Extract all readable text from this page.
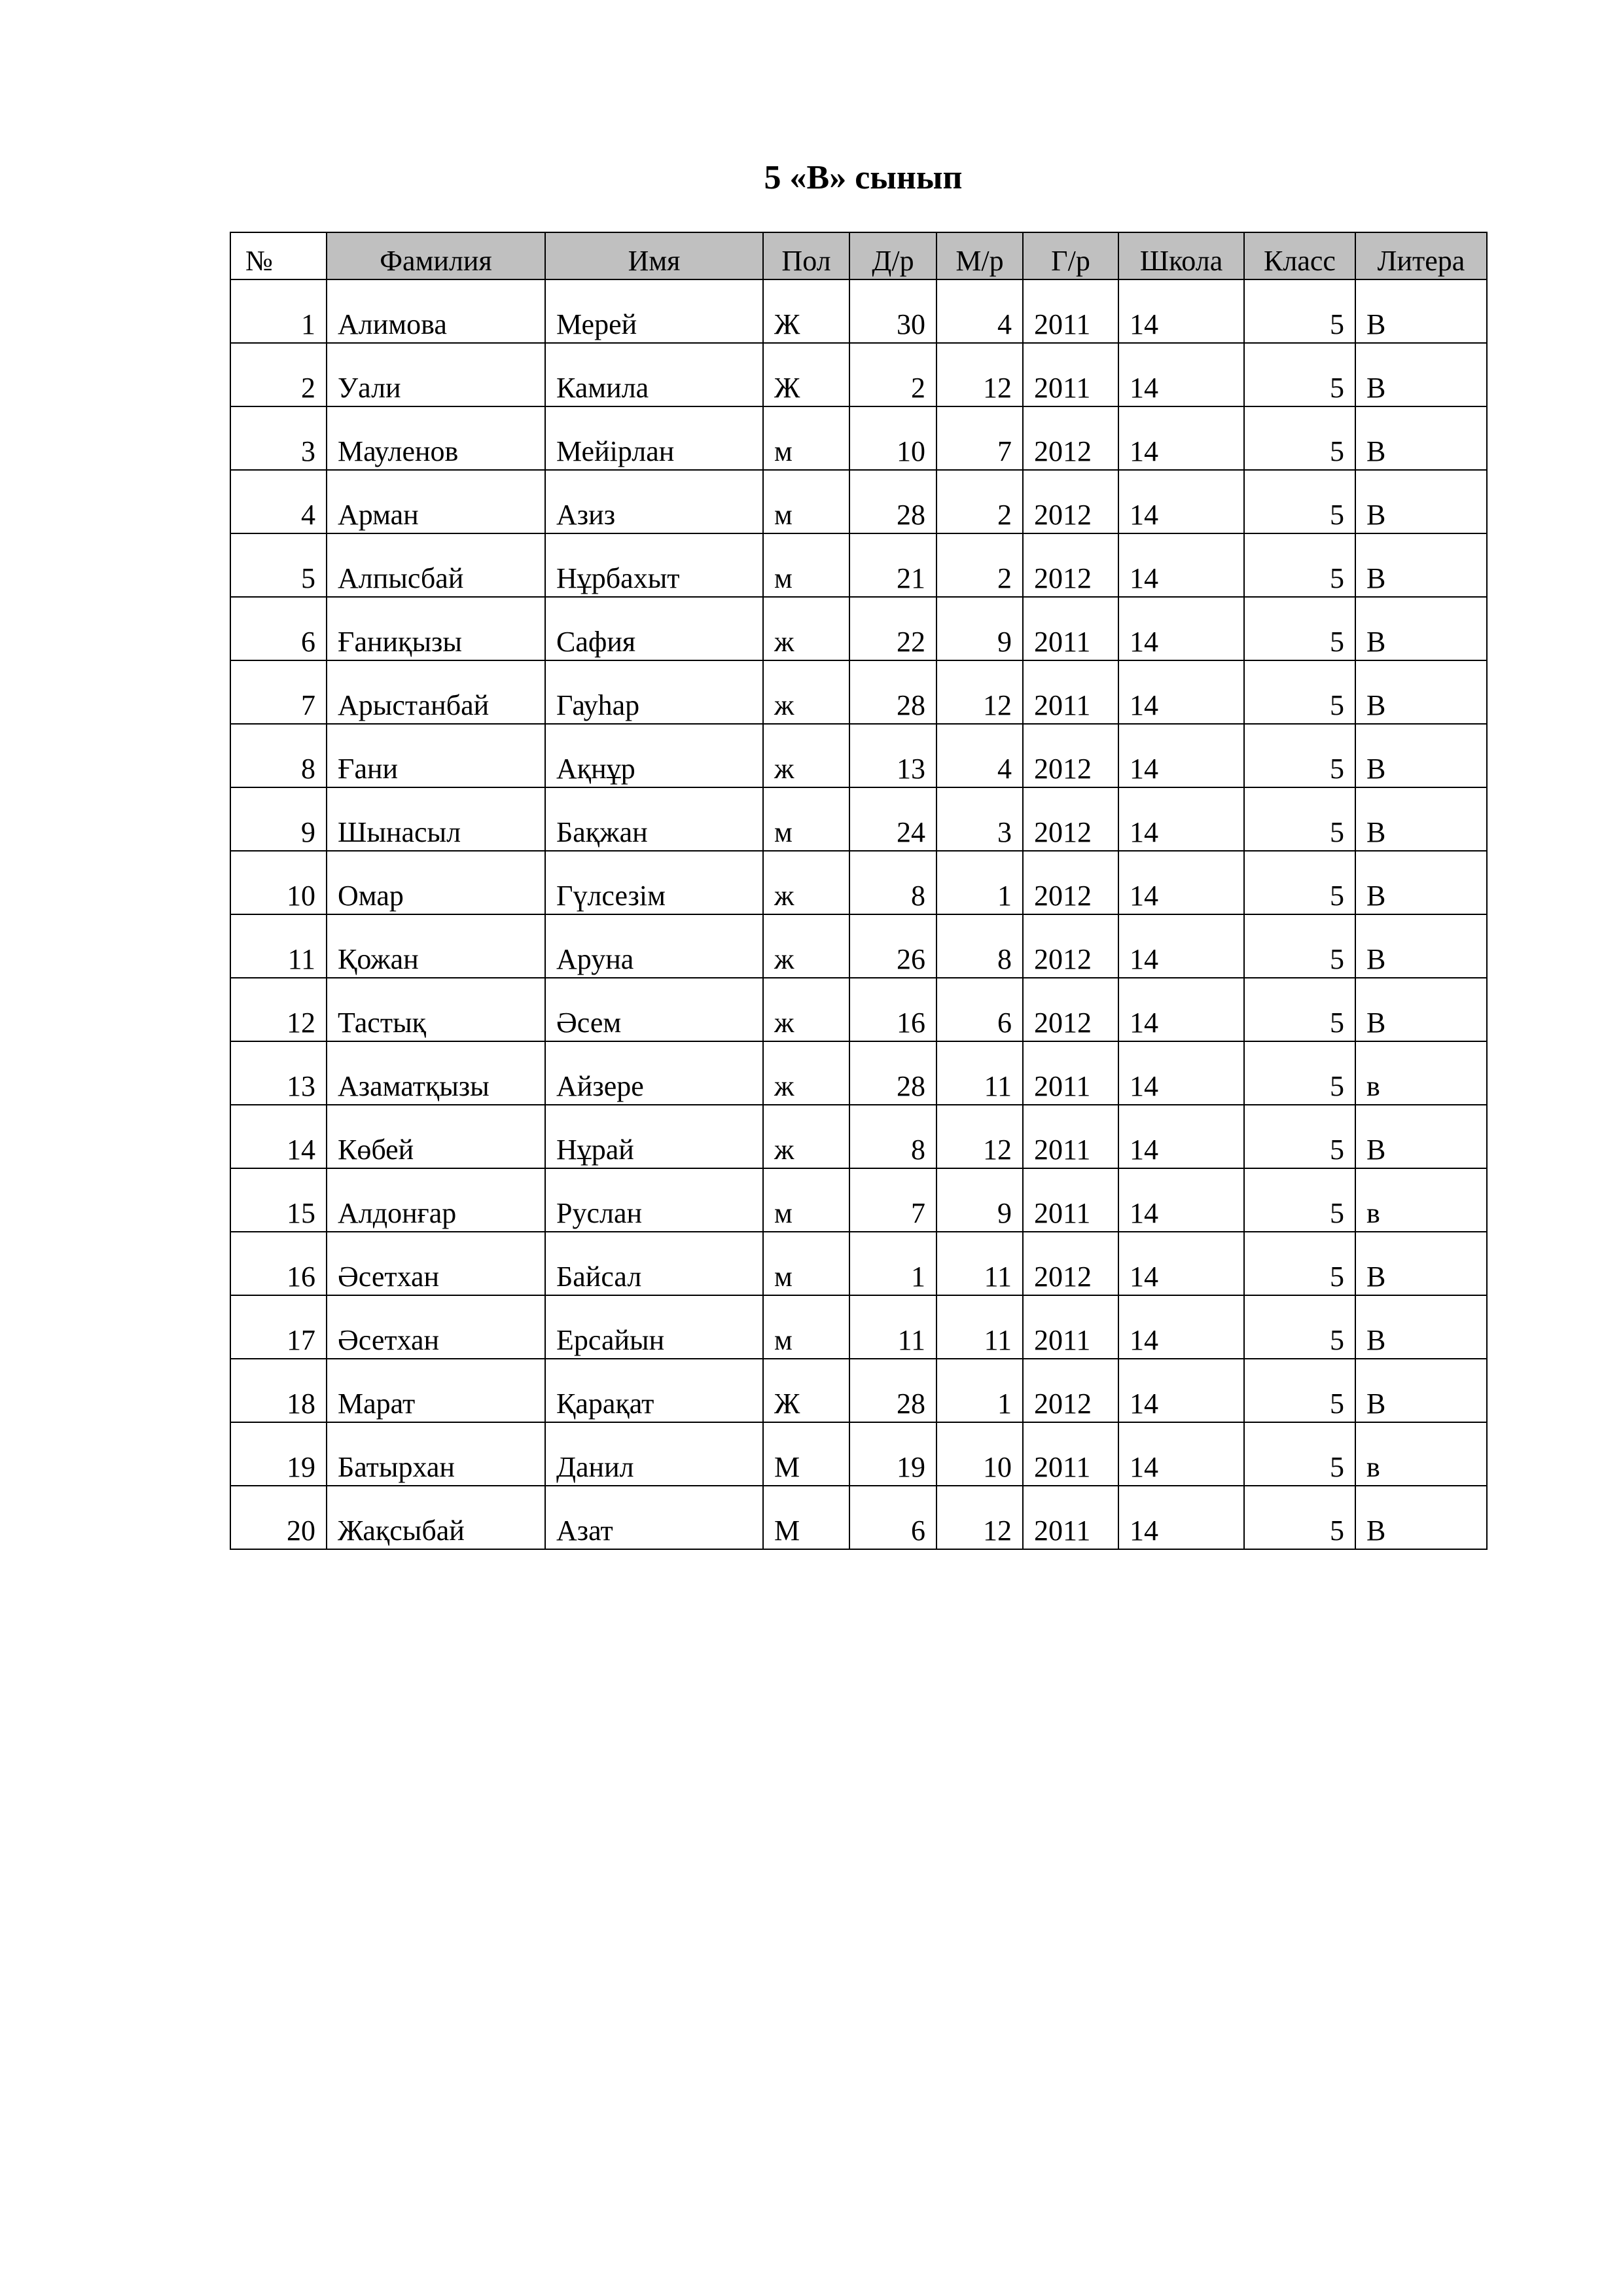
5 «В» сынып
№	Фамилия	Имя	Пол	Д/р	М/р	Г/р	Школа	Класс	Литера
1	Алимова	Мерей	Ж	30	4	2011	14	5	В
2	Уали	Камила	Ж	2	12	2011	14	5	В
3	Мауленов	Мейірлан	м	10	7	2012	14	5	В
4	Арман	Азиз	м	28	2	2012	14	5	В
5	Алпысбай	Нұрбахыт	м	21	2	2012	14	5	В
6	Ғаниқызы	Сафия	ж	22	9	2011	14	5	В
7	Арыстанбай	Гауһар	ж	28	12	2011	14	5	В
8	Ғани	Ақнұр	ж	13	4	2012	14	5	В
9	Шынасыл	Бақжан	м	24	3	2012	14	5	В
10	Омар	Гүлсезім	ж	8	1	2012	14	5	В
11	Қожан	Аруна	ж	26	8	2012	14	5	В
12	Тастық	Әсем	ж	16	6	2012	14	5	В
13	Азаматқызы	Айзере	ж	28	11	2011	14	5	в
14	Көбей	Нұрай	ж	8	12	2011	14	5	В
15	Алдонғар	Руслан	м	7	9	2011	14	5	в
16	Әсетхан	Байсал	м	1	11	2012	14	5	В
17	Әсетхан	Ерсайын	м	11	11	2011	14	5	В
18	Марат	Қарақат	Ж	28	1	2012	14	5	В
19	Батырхан	Данил	М	19	10	2011	14	5	в
20	Жақсыбай	Азат	М	6	12	2011	14	5	В
